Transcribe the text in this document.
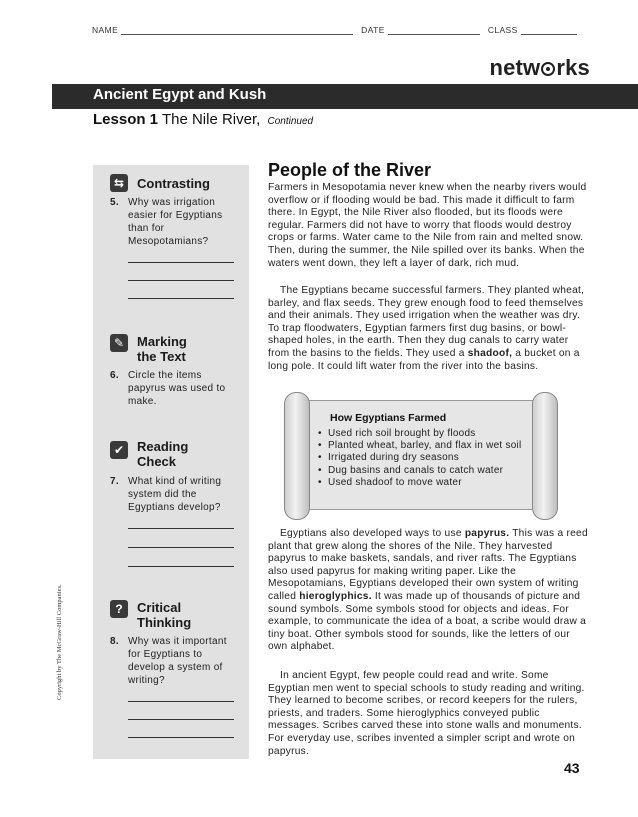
NAME	DATE	CLASS
netw rks
Ancient Egypt and Kush
Lesson 1 The Nile River, Continued
⇆ Contrasting
5. Why was irrigation easier for Egyptians than for Mesopotamians?
✎ Marking
the Text
6. Circle the items papyrus was used to make.
✔ Reading
Check
7. What kind of writing system did the Egyptians develop?
?	Critical
Thinking
8. Why was it important for Egyptians to develop a system of writing?
People of the River

Farmers in Mesopotamia never knew when the nearby rivers would overflow or if flooding would be bad. This made it difficult to farm there. In Egypt, the Nile River also flooded, but its floods were regular. Farmers did not have to worry that floods would destroy crops or farms. Water came to the Nile from rain and melted snow. Then, during the summer, the Nile spilled over its banks. When the waters went down, they left a layer of dark, rich mud.

The Egyptians became successful farmers. They planted wheat, barley, and flax seeds. They grew enough food to feed themselves and their animals. They used irrigation when the weather was dry. To trap floodwaters, Egyptian farmers first dug basins, or bowl-shaped holes, in the earth. Then they dug canals to carry water from the basins to the fields. They used a shadoof, a bucket on a long pole. It could lift water from the river into the basins.

How Egyptians Farmed
• Used rich soil brought by floods
• Planted wheat, barley, and flax in wet soil
• Irrigated during dry seasons
• Dug basins and canals to catch water
• Used shadoof to move water

Egyptians also developed ways to use papyrus. This was a reed plant that grew along the shores of the Nile. They harvested papyrus to make baskets, sandals, and river rafts. The Egyptians also used papyrus for making writing paper. Like the Mesopotamians, Egyptians developed their own system of writing called hieroglyphics. It was made up of thousands of picture and sound symbols. Some symbols stood for objects and ideas. For example, to communicate the idea of a boat, a scribe would draw a tiny boat. Other symbols stood for sounds, like the letters of our own alphabet.

In ancient Egypt, few people could read and write. Some Egyptian men went to special schools to study reading and writing. They learned to become scribes, or record keepers for the rulers, priests, and traders. Some hieroglyphics conveyed public messages. Scribes carved these into stone walls and monuments. For everyday use, scribes invented a simpler script and wrote on papyrus.

Copyright by The McGraw-Hill Companies.
43
